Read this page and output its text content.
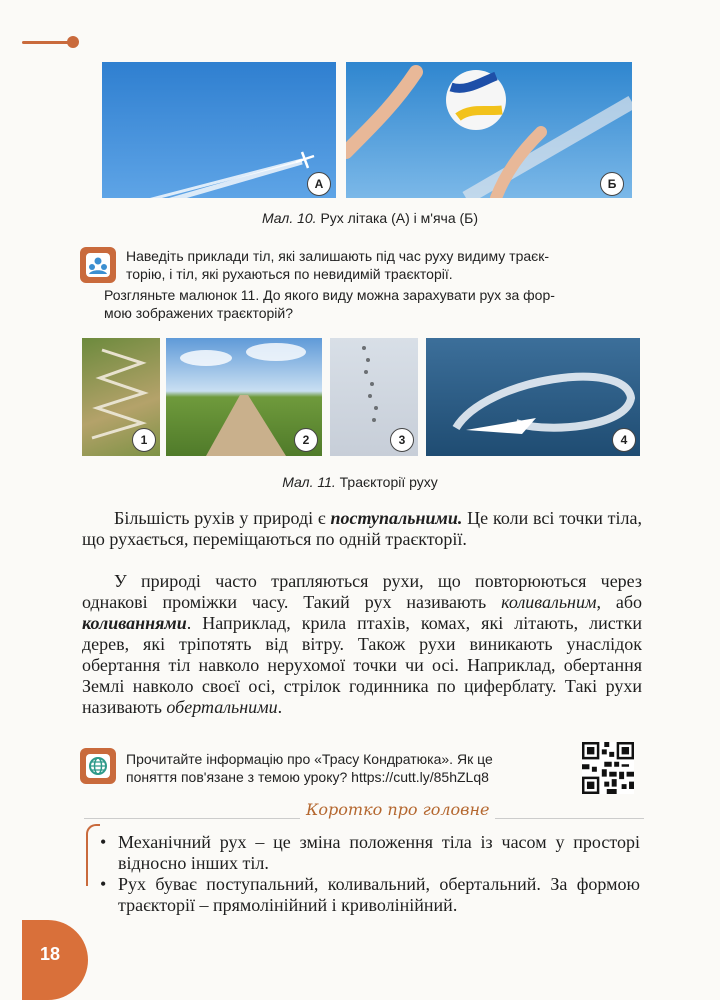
А	Б
Мал. 10. Рух літака (А) і м'яча (Б)
Наведіть приклади тіл, які залишають під час руху видиму траєк-
торію, і тіл, які рухаються по невидимій траєкторії.
Розгляньте малюнок 11. До якого виду можна зарахувати рух за фор-
мою зображених траєкторій?
1	2	3	4
Мал. 11. Траєкторії руху
Більшість рухів у природі є поступальними. Це коли всі точки тіла, що рухається, переміщаються по одній траєкторії.
У природі часто трапляються рухи, що повторюються через однакові проміжки часу. Такий рух називають коливальним, або коливаннями. Наприклад, крила птахів, комах, які літають, листки дерев, які тріпотять від вітру. Також рухи виникають унаслідок обертання тіл навколо нерухомої точки чи осі. Наприклад, обертання Землі навколо своєї осі, стрілок годинника по циферблату. Такі рухи називають обертальними.
Прочитайте інформацію про «Трасу Кондратюка». Як це
поняття пов'язане з темою уроку? https://cutt.ly/85hZLq8
Коротко про головне
• Механічний рух – це зміна положення тіла із часом у просторі відносно інших тіл.
• Рух буває поступальний, коливальний, обертальний. За формою траєкторії – прямолінійний і криволінійний.
18
